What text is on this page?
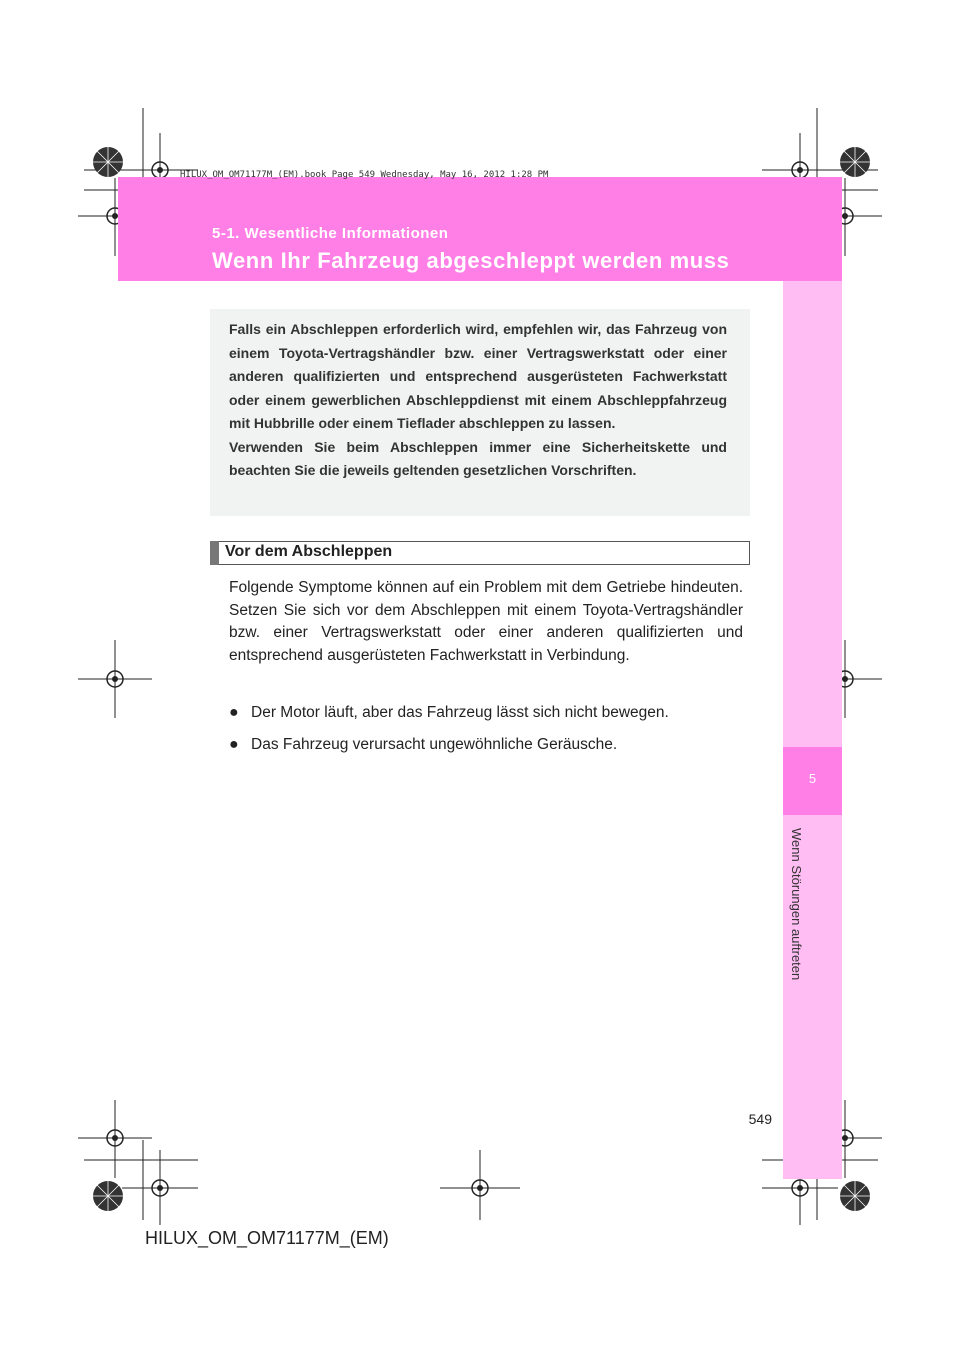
HILUX_OM_OM71177M_(EM).book Page 549 Wednesday, May 16, 2012 1:28 PM
5-1. Wesentliche Informationen
Wenn Ihr Fahrzeug abgeschleppt werden muss
5
Wenn Störungen auftreten

Falls ein Abschleppen erforderlich wird, empfehlen wir, das Fahrzeug von einem Toyota-Vertragshändler bzw. einer Vertragswerkstatt oder einer anderen qualifizierten und entsprechend ausgerüsteten Fachwerkstatt oder einem gewerblichen Abschleppdienst mit einem Abschleppfahrzeug mit Hubbrille oder einem Tieflader abschleppen zu lassen.

Verwenden Sie beim Abschleppen immer eine Sicherheitskette und beachten Sie die jeweils geltenden gesetzlichen Vorschriften.

Vor dem Abschleppen
Folgende Symptome können auf ein Problem mit dem Getriebe hindeuten. Setzen Sie sich vor dem Abschleppen mit einem Toyota-Vertragshändler bzw. einer Vertragswerkstatt oder einer anderen qualifizierten und entsprechend ausgerüsteten Fachwerkstatt in Verbindung.
● Der Motor läuft, aber das Fahrzeug lässt sich nicht bewegen.
● Das Fahrzeug verursacht ungewöhnliche Geräusche.
549
HILUX_OM_OM71177M_(EM)
